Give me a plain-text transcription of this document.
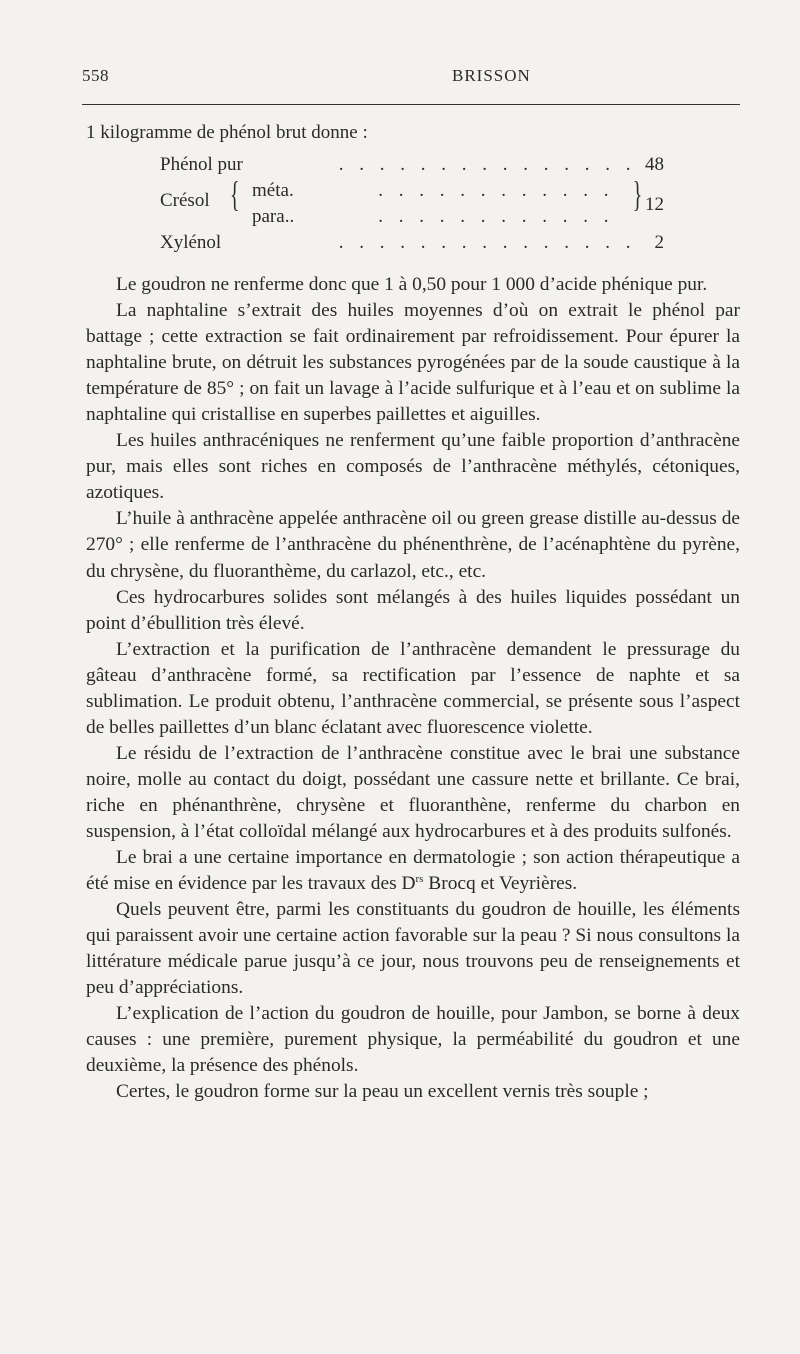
558	BRISSON
1 kilogramme de phénol brut donne :
Phénol pur	. . . . . . . . . . . . . . . 48
Crésol { méta.	. . . . . . . . . . . .
para..	. . . . . . . . . . . .
} 12
Xylénol	. . . . . . . . . . . . . . . 2

Le goudron ne renferme donc que 1 à 0,50 pour 1 000 d’acide phénique pur.

La naphtaline s’extrait des huiles moyennes d’où on extrait le phénol par battage ; cette extraction se fait ordinairement par refroidissement. Pour épurer la naphtaline brute, on détruit les substances pyrogénées par de la soude caustique à la température de 85° ; on fait un lavage à l’acide sulfurique et à l’eau et on sublime la naphtaline qui cristallise en superbes paillettes et aiguilles.

Les huiles anthracéniques ne renferment qu’une faible proportion d’anthracène pur, mais elles sont riches en composés de l’anthracène méthylés, cétoniques, azotiques.

L’huile à anthracène appelée anthracène oil ou green grease distille au-dessus de 270° ; elle renferme de l’anthracène du phénenthrène, de l’acénaphtène du pyrène, du chrysène, du fluoranthème, du carlazol, etc., etc.

Ces hydrocarbures solides sont mélangés à des huiles liquides possédant un point d’ébullition très élevé.

L’extraction et la purification de l’anthracène demandent le pressurage du gâteau d’anthracène formé, sa rectification par l’essence de naphte et sa sublimation. Le produit obtenu, l’anthracène commercial, se présente sous l’aspect de belles paillettes d’un blanc éclatant avec fluorescence violette.

Le résidu de l’extraction de l’anthracène constitue avec le brai une substance noire, molle au contact du doigt, possédant une cassure nette et brillante. Ce brai, riche en phénanthrène, chrysène et fluoranthène, renferme du charbon en suspension, à l’état colloïdal mélangé aux hydrocarbures et à des produits sulfonés.

Le brai a une certaine importance en dermatologie ; son action thérapeutique a été mise en évidence par les travaux des $D^{rs}$ Brocq et Veyrières.

Quels peuvent être, parmi les constituants du goudron de houille, les éléments qui paraissent avoir une certaine action favorable sur la peau ? Si nous consultons la littérature médicale parue jusqu’à ce jour, nous trouvons peu de renseignements et peu d’appréciations.

L’explication de l’action du goudron de houille, pour Jambon, se borne à deux causes : une première, purement physique, la perméabilité du goudron et une deuxième, la présence des phénols.

Certes, le goudron forme sur la peau un excellent vernis très souple ;
